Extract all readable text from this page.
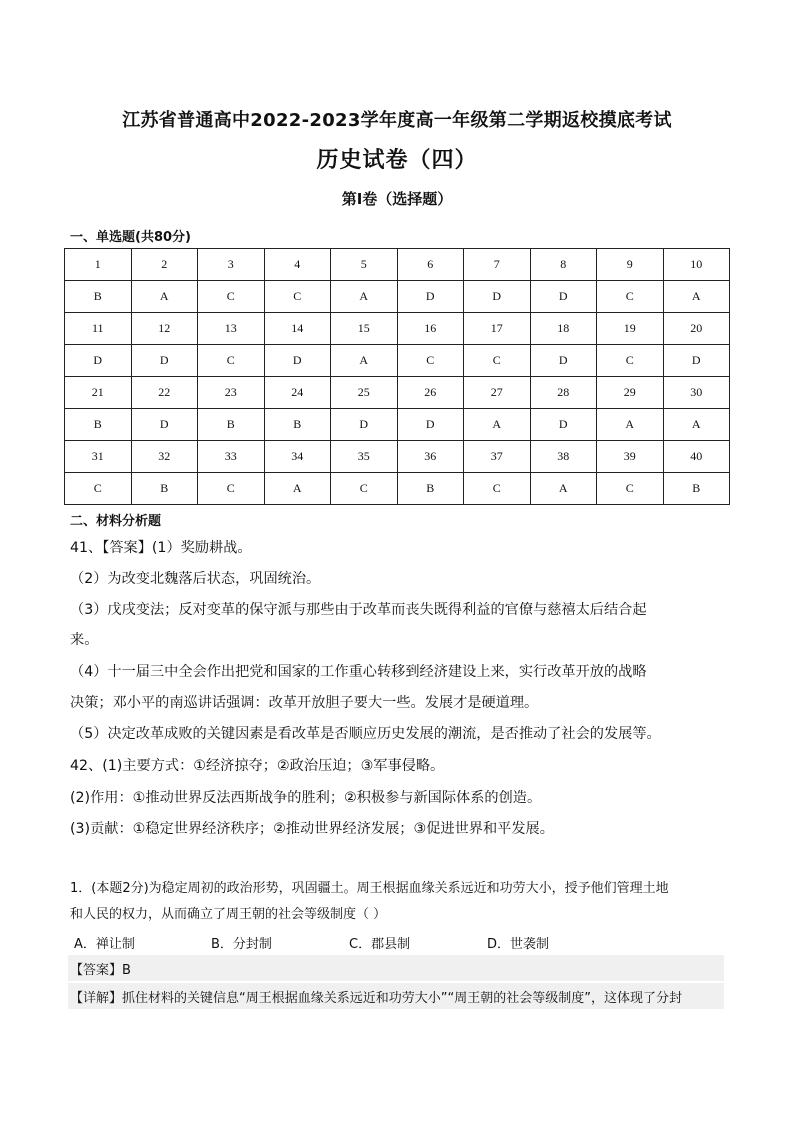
江苏省普通高中2022-2023学年度高一年级第二学期返校摸底考试
历史试卷（四）
第Ⅰ卷（选择题）
一、单选题(共80分)
1	2	3	4	5	6	7	8	9	10
B	A	C	C	A	D	D	D	C	A
11	12	13	14	15	16	17	18	19	20
D	D	C	D	A	C	C	D	C	D
21	22	23	24	25	26	27	28	29	30
B	D	B	B	D	D	A	D	A	A
31	32	33	34	35	36	37	38	39	40
C	B	C	A	C	B	C	A	C	B
二、材料分析题
41、【答案】(1）奖励耕战。
（2）为改变北魏落后状态，巩固统治。
（3）戊戌变法；反对变革的保守派与那些由于改革而丧失既得利益的官僚与慈禧太后结合起
来。
（4）十一届三中全会作出把党和国家的工作重心转移到经济建设上来，实行改革开放的战略
决策；邓小平的南巡讲话强调：改革开放胆子要大一些。发展才是硬道理。
（5）决定改革成败的关键因素是看改革是否顺应历史发展的潮流，是否推动了社会的发展等。
42、(1)主要方式：①经济掠夺；②政治压迫；③军事侵略。
(2)作用：①推动世界反法西斯战争的胜利；②积极参与新国际体系的创造。
(3)贡献：①稳定世界经济秩序；②推动世界经济发展；③促进世界和平发展。
1．(本题2分)为稳定周初的政治形势，巩固疆土。周王根据血缘关系远近和功劳大小，授予他们管理土地
和人民的权力，从而确立了周王朝的社会等级制度（ ）
A．禅让制	B．分封制	C．郡县制	D．世袭制
【答案】B
【详解】抓住材料的关键信息“周王根据血缘关系远近和功劳大小”“周王朝的社会等级制度”，这体现了分封
